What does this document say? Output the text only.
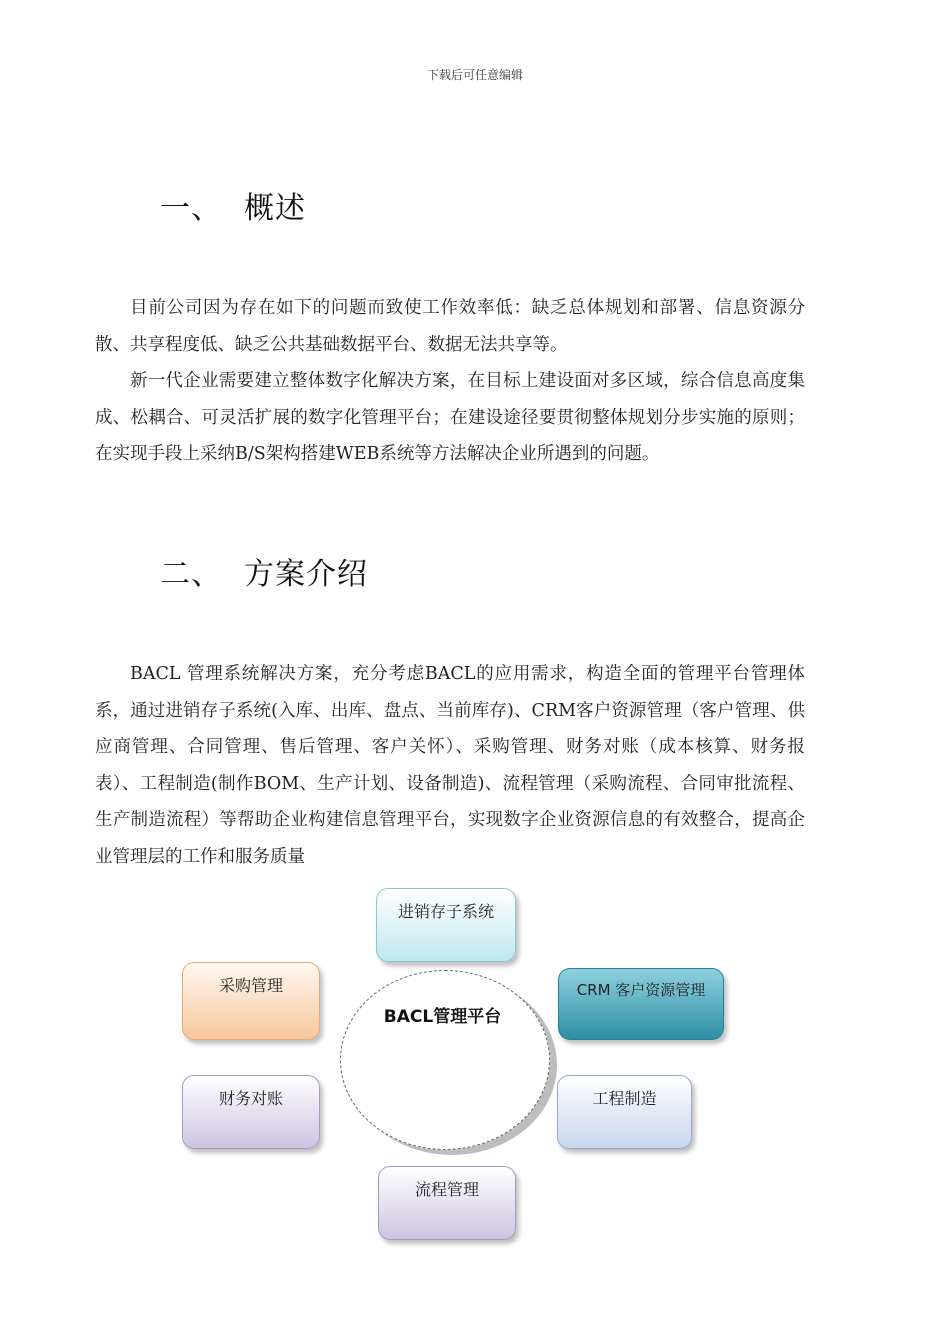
下载后可任意编辑
一、 概述

目前公司因为存在如下的问题而致使工作效率低：缺乏总体规划和部署、信息资源分散、共享程度低、缺乏公共基础数据平台、数据无法共享等。

新一代企业需要建立整体数字化解决方案，在目标上建设面对多区域，综合信息高度集成、松耦合、可灵活扩展的数字化管理平台；在建设途径要贯彻整体规划分步实施的原则；在实现手段上采纳B/S架构搭建WEB系统等方法解决企业所遇到的问题。

二、 方案介绍

BACL 管理系统解决方案，充分考虑BACL的应用需求，构造全面的管理平台管理体系，通过进销存子系统(入库、出库、盘点、当前库存)、CRM客户资源管理（客户管理、供应商管理、合同管理、售后管理、客户关怀）、采购管理、财务对账（成本核算、财务报表）、工程制造(制作BOM、生产计划、设备制造)、流程管理（采购流程、合同审批流程、生产制造流程）等帮助企业构建信息管理平台，实现数字企业资源信息的有效整合，提高企业管理层的工作和服务质量

进销存子系统
采购管理	CRM 客户资源管理
财务对账	工程制造
流程管理
BACL管理平台
